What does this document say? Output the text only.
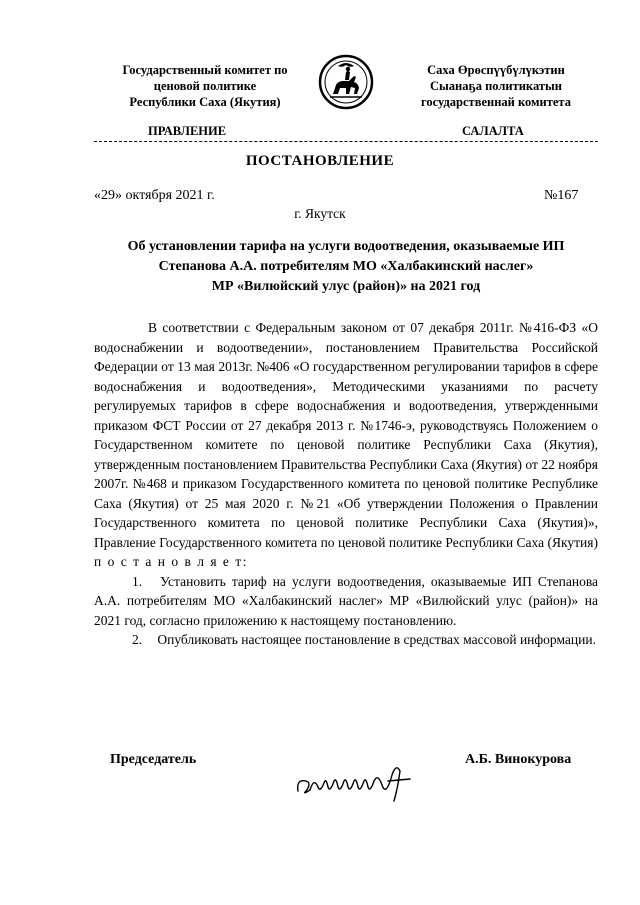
Государственный комитет по
ценовой политике
Республики Саха (Якутия)
Саха Өрөспүүбүлүкэтин
Сыанаҕа политикатын
государственнай комитета
ПРАВЛЕНИЕ	САЛАЛТА
ПОСТАНОВЛЕНИЕ
«29» октября 2021 г.	№167
г. Якутск
Об установлении тарифа на услуги водоотведения, оказываемые ИП
Степанова А.А. потребителям МО «Халбакинский наслег»
МР «Вилюйский улус (район)» на 2021 год

В соответствии с Федеральным законом от 07 декабря 2011г. №416-ФЗ «О водоснабжении и водоотведении», постановлением Правительства Российской Федерации от 13 мая 2013г. №406 «О государственном регулировании тарифов в сфере водоснабжения и водоотведения», Методическими указаниями по расчету регулируемых тарифов в сфере водоснабжения и водоотведения, утвержденными приказом ФСТ России от 27 декабря 2013 г. №1746-э, руководствуясь Положением о Государственном комитете по ценовой политике Республики Саха (Якутия), утвержденным постановлением Правительства Республики Саха (Якутия) от 22 ноября 2007г. №468 и приказом Государственного комитета по ценовой политике Республике Саха (Якутия) от 25 мая 2020 г. №21 «Об утверждении Положения о Правлении Государственного комитета по ценовой политике Республики Саха (Якутия)», Правление Государственного комитета по ценовой политике Республики Саха (Якутия) п о с т а н о в л я е т:

1. Установить тариф на услуги водоотведения, оказываемые ИП Степанова А.А. потребителям МО «Халбакинский наслег» МР «Вилюйский улус (район)» на 2021 год, согласно приложению к настоящему постановлению.

2. Опубликовать настоящее постановление в средствах массовой информации.

Председатель	А.Б. Винокурова
